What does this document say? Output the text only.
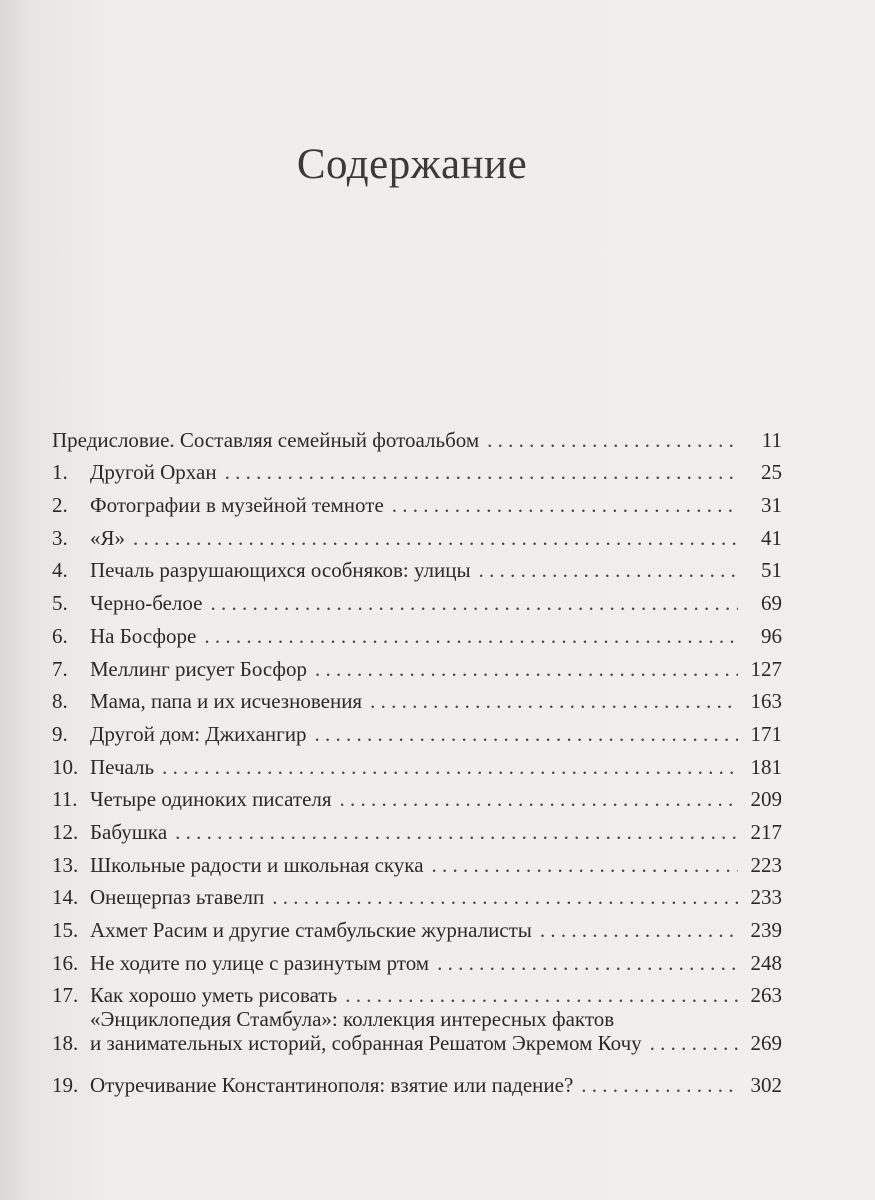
Содержание
Предисловие. Составляя семейный фотоальбом . . .	11
1.	Другой Орхан . . .	25
2.	Фотографии в музейной темноте . . .	31
3.	«Я» . . .	41
4.	Печаль разрушающихся особняков: улицы . . .	51
5.	Черно-белое . . .	69
6.	На Босфоре . . .	96
7.	Меллинг рисует Босфор . . .	127
8.	Мама, папа и их исчезновения . . .	163
9.	Другой дом: Джихангир . . .	171
10. Печаль . . .	181
11. Четыре одиноких писателя . . .	209
12. Бабушка . . .	217
13. Школьные радости и школьная скука . . .	223
14. Онещерпаз ьтавелп . . .	233
15. Ахмет Расим и другие стамбульские журналисты . . .	239
16. Не ходите по улице с разинутым ртом . . .	248
17. Как хорошо уметь рисовать . . .	263
18.
«Энциклопедия Стамбула»: коллекция интересных фактов
и занимательных историй, собранная Решатом Экремом Кочу . . .	269
19. Отуречивание Константинополя: взятие или падение? . . .	302
